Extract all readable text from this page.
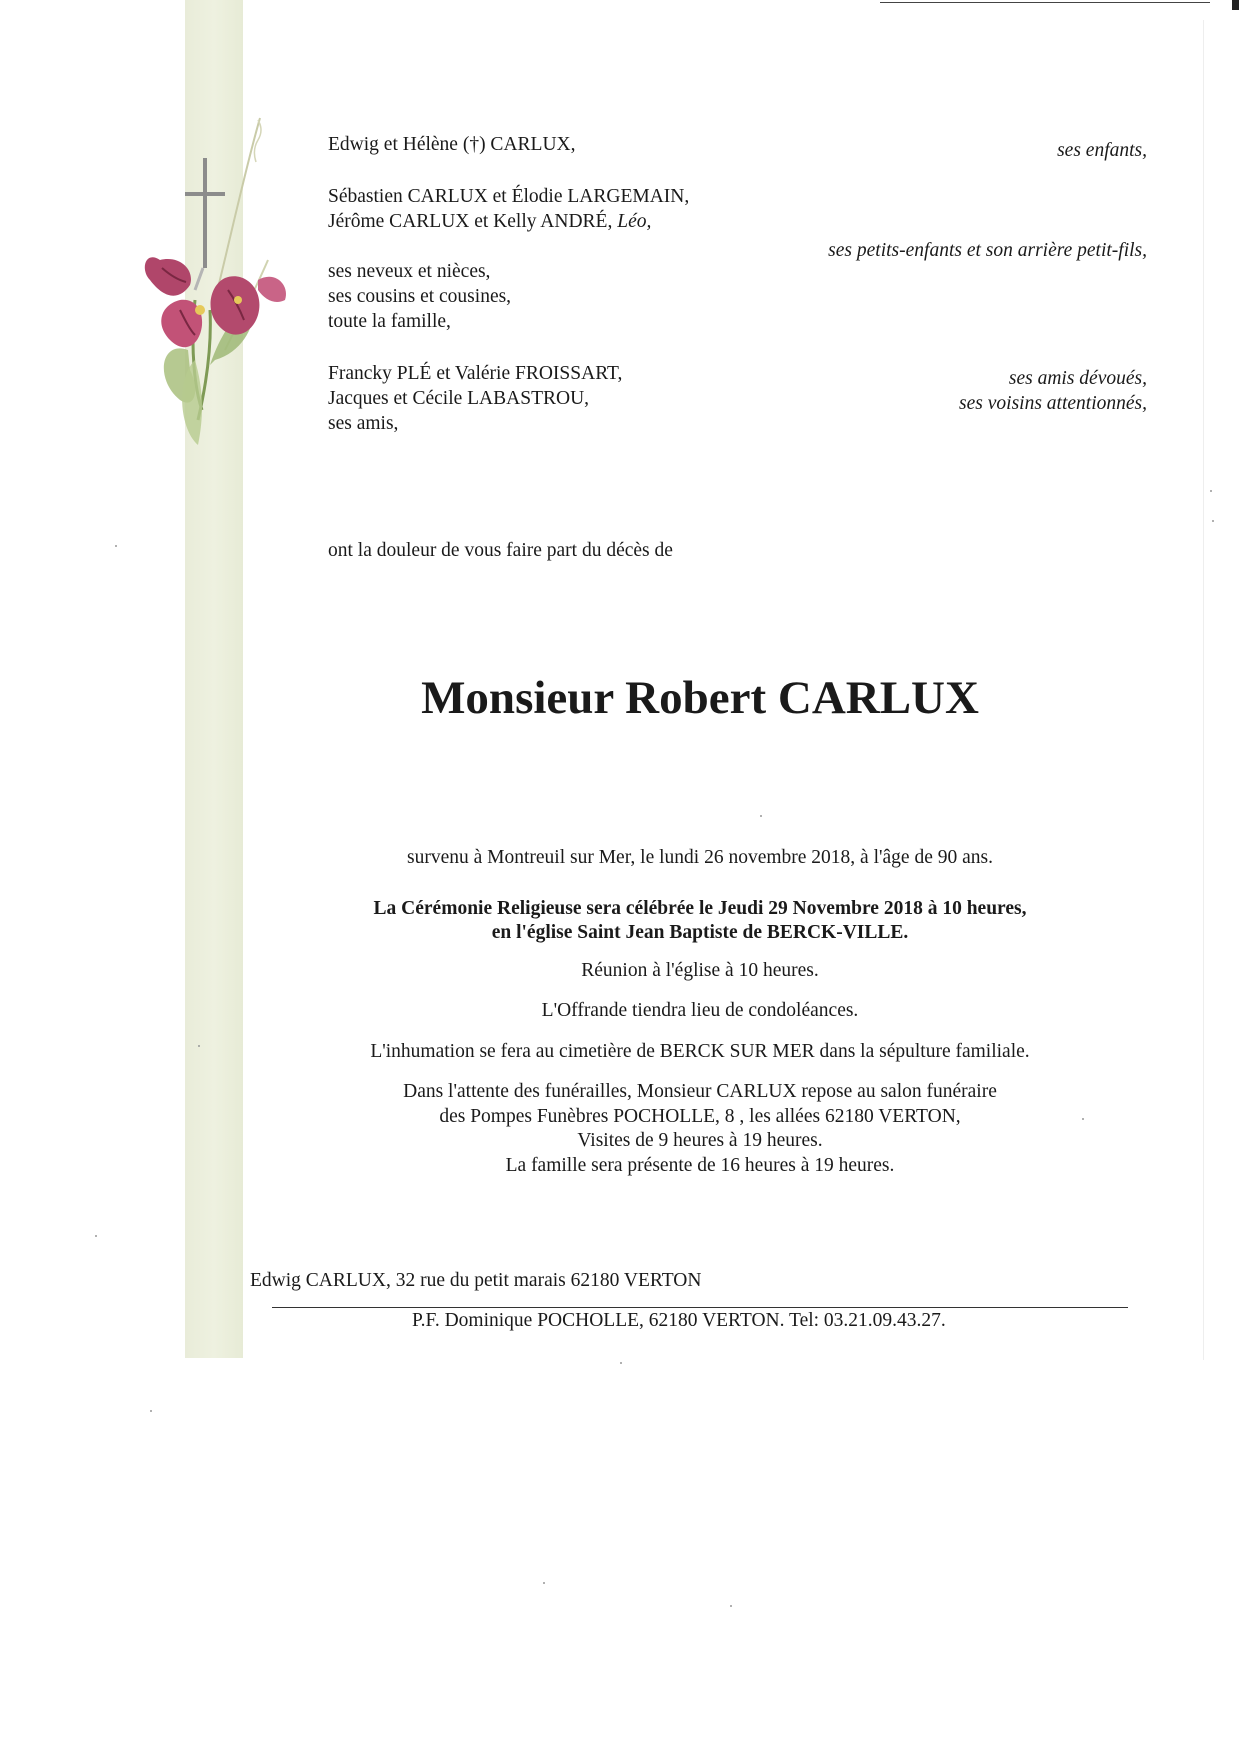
Edwig et Hélène (†) CARLUX,
Sébastien CARLUX et Élodie LARGEMAIN,
Jérôme CARLUX et Kelly ANDRÉ, Léo,
ses neveux et nièces,
ses cousins et cousines,
toute la famille,
Francky PLÉ et Valérie FROISSART,
Jacques et Cécile LABASTROU,
ses amis,
ses enfants,
ses petits-enfants et son arrière petit-fils,
ses amis dévoués,
ses voisins attentionnés,
ont la douleur de vous faire part du décès de
Monsieur Robert CARLUX
survenu à Montreuil sur Mer, le lundi 26 novembre 2018, à l'âge de 90 ans.
La Cérémonie Religieuse sera célébrée le Jeudi 29 Novembre 2018 à 10 heures,
en l'église Saint Jean Baptiste de BERCK-VILLE.
Réunion à l'église à 10 heures.
L'Offrande tiendra lieu de condoléances.
L'inhumation se fera au cimetière de BERCK SUR MER dans la sépulture familiale.
Dans l'attente des funérailles, Monsieur CARLUX repose au salon funéraire
des Pompes Funèbres POCHOLLE, 8 , les allées 62180 VERTON,
Visites de 9 heures à 19 heures.
La famille sera présente de 16 heures à 19 heures.
Edwig CARLUX, 32 rue du petit marais 62180 VERTON
P.F. Dominique POCHOLLE, 62180 VERTON. Tel: 03.21.09.43.27.
